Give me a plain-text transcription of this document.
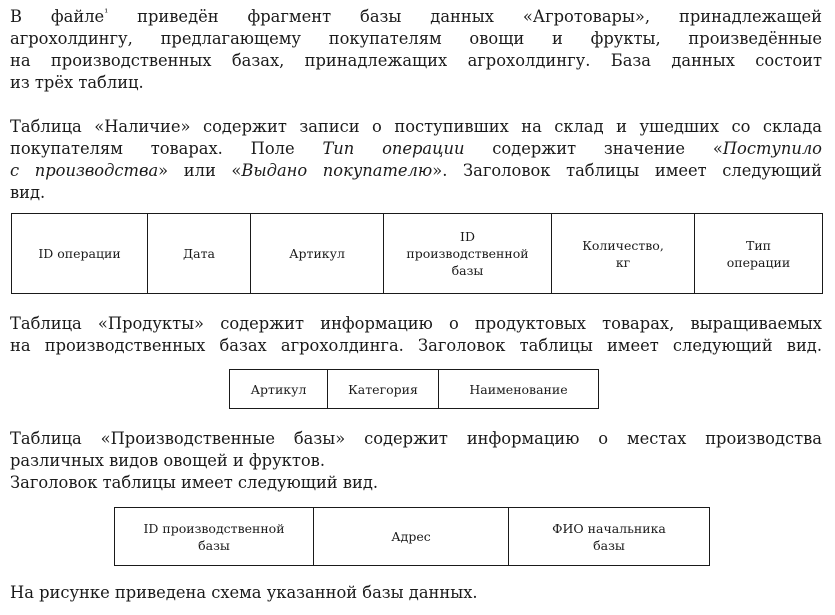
В файле$^{^1}$ приведён фрагмент базы данных «Агротовары», принадлежащей
агрохолдингу, предлагающему покупателям овощи и фрукты, произведённые
на производственных базах, принадлежащих агрохолдингу. База данных состоит
из трёх таблиц.
Таблица «Наличие» содержит записи о поступивших на склад и ушедших со склада
покупателям товарах. Поле Тип операции содержит значение «Поступило
с производства» или «Выдано покупателю». Заголовок таблицы имеет следующий
вид.
ID операции	Дата	Артикул	ID
производственной
базы	Количество,
кг	Тип
операции
Таблица «Продукты» содержит информацию о продуктовых товарах, выращиваемых
на производственных базах агрохолдинга. Заголовок таблицы имеет следующий вид.
Артикул	Категория	Наименование
Таблица «Производственные базы» содержит информацию о местах производства
различных видов овощей и фруктов.
Заголовок таблицы имеет следующий вид.
ID производственной
базы	Адрес	ФИО начальника
базы
На рисунке приведена схема указанной базы данных.
